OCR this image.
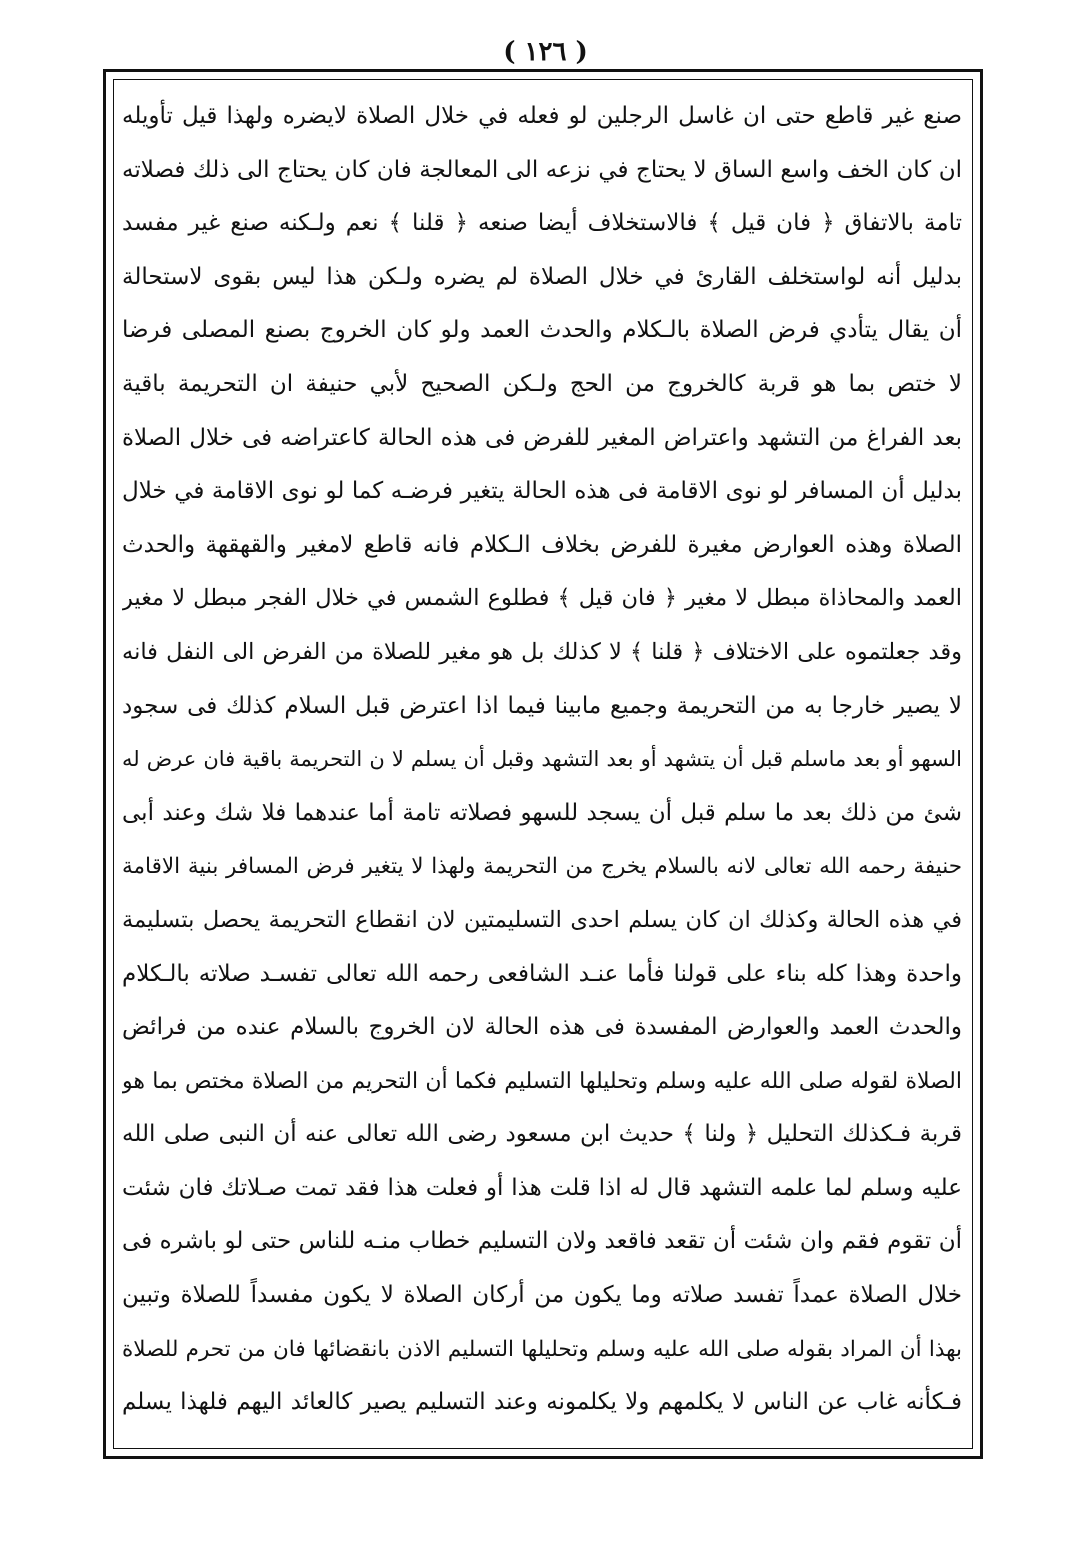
( ١٢٦ )
صنع غير قاطع حتى ان غاسل الرجلين لو فعله في خلال الصلاة لايضره ولهذا قيل تأويله
ان كان الخف واسع الساق لا يحتاج في نزعه الى المعالجة فان كان يحتاج الى ذلك فصلاته
تامة بالاتفاق ﴿ فان قيل ﴾ فالاستخلاف أيضا صنعه ﴿ قلنا ﴾ نعم ولـكنه صنع غير مفسد
بدليل أنه لواستخلف القارئ في خلال الصلاة لم يضره ولـكن هذا ليس بقوى لاستحالة
أن يقال يتأدي فرض الصلاة بالـكلام والحدث العمد ولو كان الخروج بصنع المصلى فرضا
لا ختص بما هو قربة كالخروج من الحج ولـكن الصحيح لأبي حنيفة ان التحريمة باقية
بعد الفراغ من التشهد واعتراض المغير للفرض فى هذه الحالة كاعتراضه فى خلال الصلاة
بدليل أن المسافر لو نوى الاقامة فى هذه الحالة يتغير فرضـه كما لو نوى الاقامة في خلال
الصلاة وهذه العوارض مغيرة للفرض بخلاف الـكلام فانه قاطع لامغير والقهقهة والحدث
العمد والمحاذاة مبطل لا مغير ﴿ فان قيل ﴾ فطلوع الشمس في خلال الفجر مبطل لا مغير
وقد جعلتموه على الاختلاف ﴿ قلنا ﴾ لا كذلك بل هو مغير للصلاة من الفرض الى النفل فانه
لا يصير خارجا به من التحريمة وجميع مابينا فيما اذا اعترض قبل السلام كذلك فى سجود
السهو أو بعد ماسلم قبل أن يتشهد أو بعد التشهد وقبل أن يسلم لا ن التحريمة باقية فان عرض له
شئ من ذلك بعد ما سلم قبل أن يسجد للسهو فصلاته تامة أما عندهما فلا شك وعند أبى
حنيفة رحمه الله تعالى لانه بالسلام يخرج من التحريمة ولهذا لا يتغير فرض المسافر بنية الاقامة
في هذه الحالة وكذلك ان كان يسلم احدى التسليمتين لان انقطاع التحريمة يحصل بتسليمة
واحدة وهذا كله بناء على قولنا فأما عنـد الشافعى رحمه الله تعالى تفسـد صلاته بالـكلام
والحدث العمد والعوارض المفسدة فى هذه الحالة لان الخروج بالسلام عنده من فرائض
الصلاة لقوله صلى الله عليه وسلم وتحليلها التسليم فكما أن التحريم من الصلاة مختص بما هو
قربة فـكذلك التحليل ﴿ ولنا ﴾ حديث ابن مسعود رضى الله تعالى عنه أن النبى صلى الله
عليه وسلم لما علمه التشهد قال له اذا قلت هذا أو فعلت هذا فقد تمت صـلاتك فان شئت
أن تقوم فقم وان شئت أن تقعد فاقعد ولان التسليم خطاب منـه للناس حتى لو باشره فى
خلال الصلاة عمداً تفسد صلاته وما يكون من أركان الصلاة لا يكون مفسداً للصلاة وتبين
بهذا أن المراد بقوله صلى الله عليه وسلم وتحليلها التسليم الاذن بانقضائها فان من تحرم للصلاة
فـكأنه غاب عن الناس لا يكلمهم ولا يكلمونه وعند التسليم يصير كالعائد اليهم فلهذا يسلم
